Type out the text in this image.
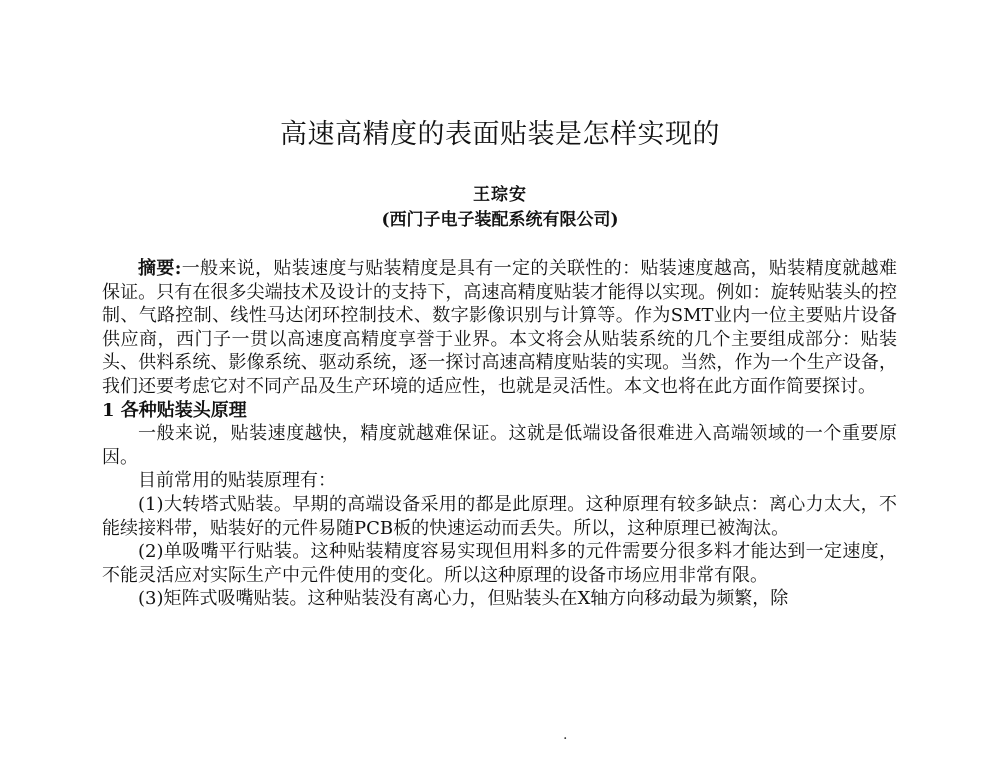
高速高精度的表面贴装是怎样实现的
王琮安
(西门子电子装配系统有限公司)

摘要:一般来说，贴装速度与贴装精度是具有一定的关联性的：贴装速度越高，贴装精度就越难保证。只有在很多尖端技术及设计的支持下，高速高精度贴装才能得以实现。例如：旋转贴装头的控制、气路控制、线性马达闭环控制技术、数字影像识别与计算等。作为SMT业内一位主要贴片设备供应商，西门子一贯以高速度高精度享誉于业界。本文将会从贴装系统的几个主要组成部分：贴装头、供料系统、影像系统、驱动系统，逐一探讨高速高精度贴装的实现。当然，作为一个生产设备，我们还要考虑它对不同产品及生产环境的适应性，也就是灵活性。本文也将在此方面作简要探讨。

1 各种贴装头原理

一般来说，贴装速度越快，精度就越难保证。这就是低端设备很难进入高端领域的一个重要原因。

目前常用的贴装原理有：

(1)大转塔式贴装。早期的高端设备采用的都是此原理。这种原理有较多缺点：离心力太大，不能续接料带，贴装好的元件易随PCB板的快速运动而丢失。所以，这种原理已被淘汰。

(2)单吸嘴平行贴装。这种贴装精度容易实现但用料多的元件需要分很多料才能达到一定速度，不能灵活应对实际生产中元件使用的变化。所以这种原理的设备市场应用非常有限。

(3)矩阵式吸嘴贴装。这种贴装没有离心力，但贴装头在X轴方向移动最为频繁，除

.
